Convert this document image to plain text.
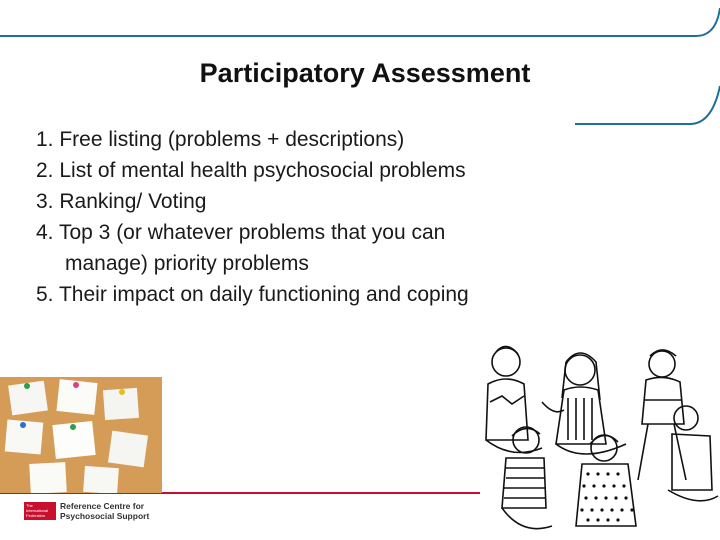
Participatory Assessment
1. Free listing (problems + descriptions)
2. List of mental health psychosocial problems
3. Ranking/ Voting
4. Top 3 (or whatever problems that you can
manage) priority problems
5. Their impact on daily functioning and coping
The International Federation
Reference Centre for
Psychosocial Support
